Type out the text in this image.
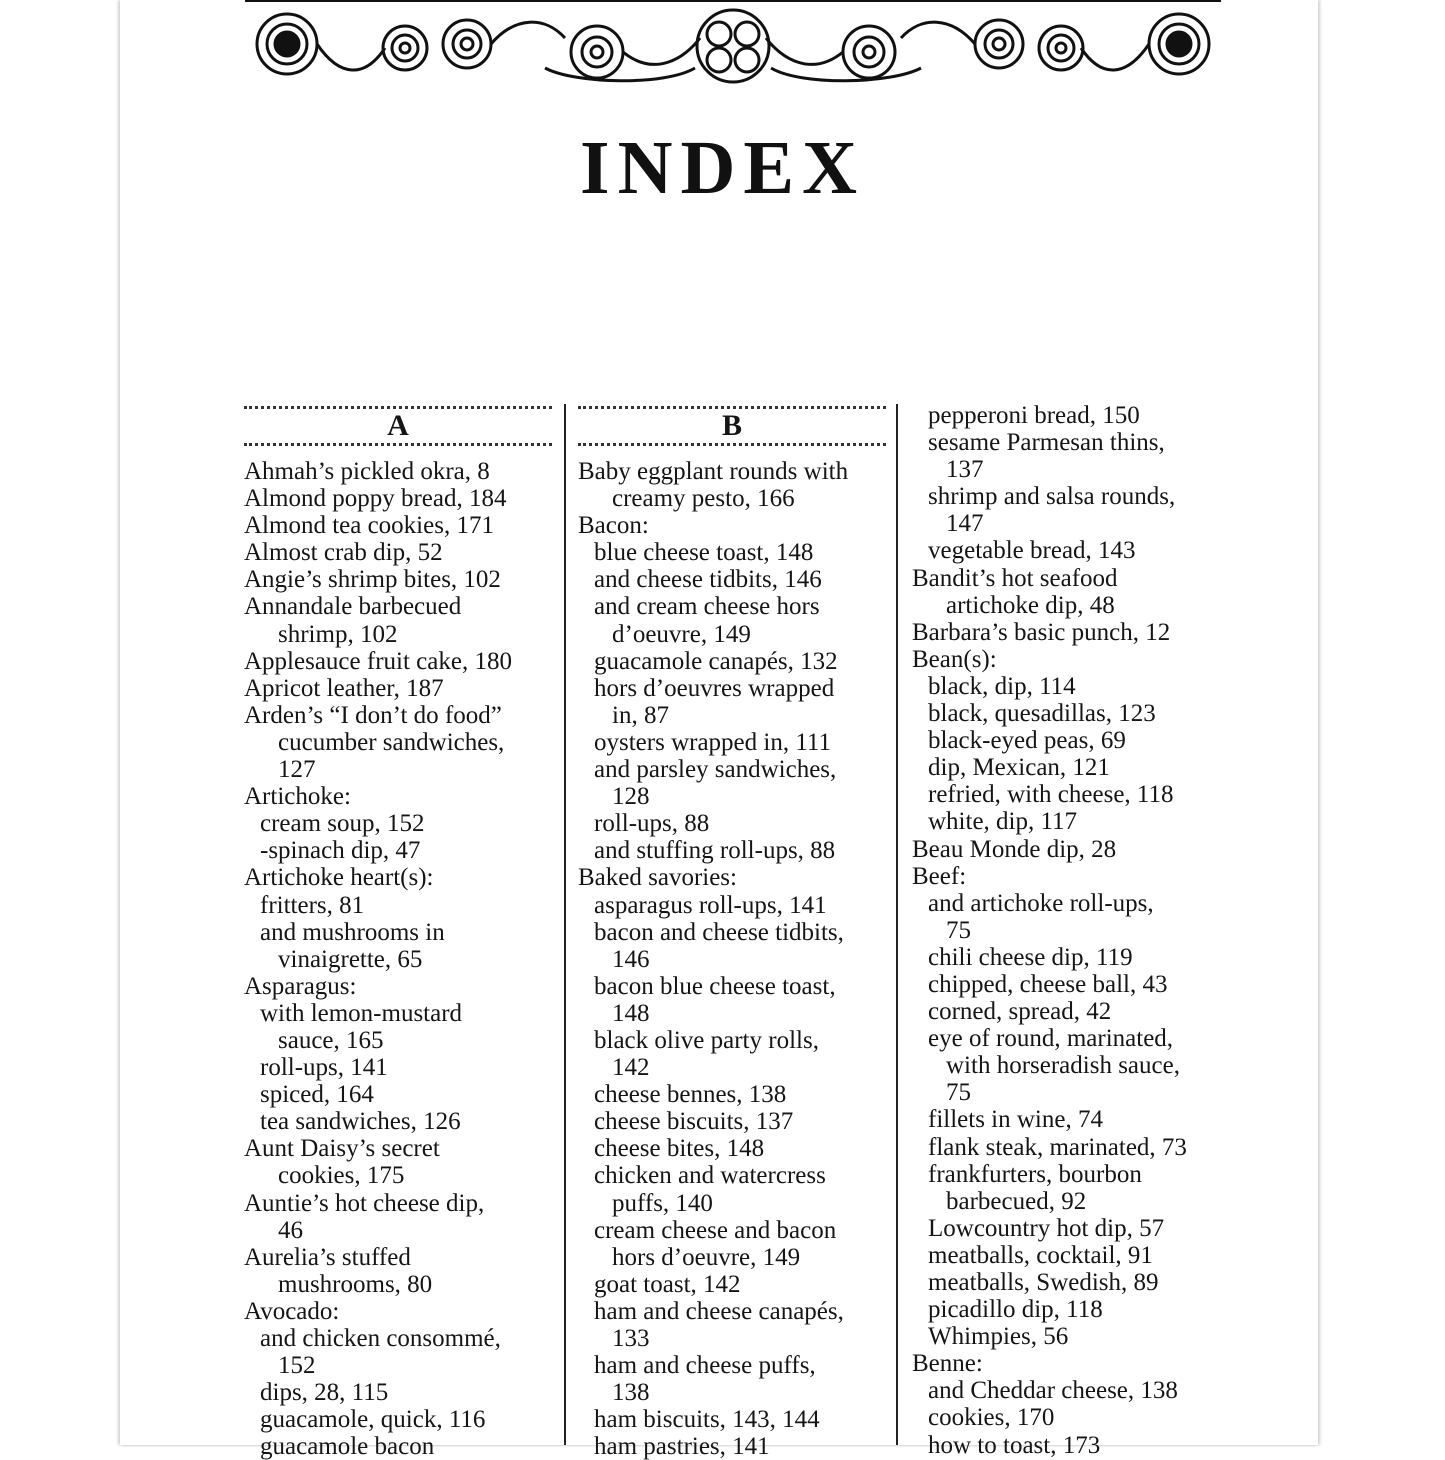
INDEX
A
Ahmah’s pickled okra, 8
Almond poppy bread, 184
Almond tea cookies, 171
Almost crab dip, 52
Angie’s shrimp bites, 102
Annandale barbecued
shrimp, 102
Applesauce fruit cake, 180
Apricot leather, 187
Arden’s “I don’t do food”
cucumber sandwiches,
127
Artichoke:
cream soup, 152
-spinach dip, 47
Artichoke heart(s):
fritters, 81
and mushrooms in
vinaigrette, 65
Asparagus:
with lemon-mustard
sauce, 165
roll-ups, 141
spiced, 164
tea sandwiches, 126
Aunt Daisy’s secret
cookies, 175
Auntie’s hot cheese dip,
46
Aurelia’s stuffed
mushrooms, 80
Avocado:
and chicken consommé,
152
dips, 28, 115
guacamole, quick, 116
guacamole bacon
B
Baby eggplant rounds with
creamy pesto, 166
Bacon:
blue cheese toast, 148
and cheese tidbits, 146
and cream cheese hors
d’oeuvre, 149
guacamole canapés, 132
hors d’oeuvres wrapped
in, 87
oysters wrapped in, 111
and parsley sandwiches,
128
roll-ups, 88
and stuffing roll-ups, 88
Baked savories:
asparagus roll-ups, 141
bacon and cheese tidbits,
146
bacon blue cheese toast,
148
black olive party rolls,
142
cheese bennes, 138
cheese biscuits, 137
cheese bites, 148
chicken and watercress
puffs, 140
cream cheese and bacon
hors d’oeuvre, 149
goat toast, 142
ham and cheese canapés,
133
ham and cheese puffs,
138
ham biscuits, 143, 144
ham pastries, 141
pepperoni bread, 150
sesame Parmesan thins,
137
shrimp and salsa rounds,
147
vegetable bread, 143
Bandit’s hot seafood
artichoke dip, 48
Barbara’s basic punch, 12
Bean(s):
black, dip, 114
black, quesadillas, 123
black-eyed peas, 69
dip, Mexican, 121
refried, with cheese, 118
white, dip, 117
Beau Monde dip, 28
Beef:
and artichoke roll-ups,
75
chili cheese dip, 119
chipped, cheese ball, 43
corned, spread, 42
eye of round, marinated,
with horseradish sauce,
75
fillets in wine, 74
flank steak, marinated, 73
frankfurters, bourbon
barbecued, 92
Lowcountry hot dip, 57
meatballs, cocktail, 91
meatballs, Swedish, 89
picadillo dip, 118
Whimpies, 56
Benne:
and Cheddar cheese, 138
cookies, 170
how to toast, 173
